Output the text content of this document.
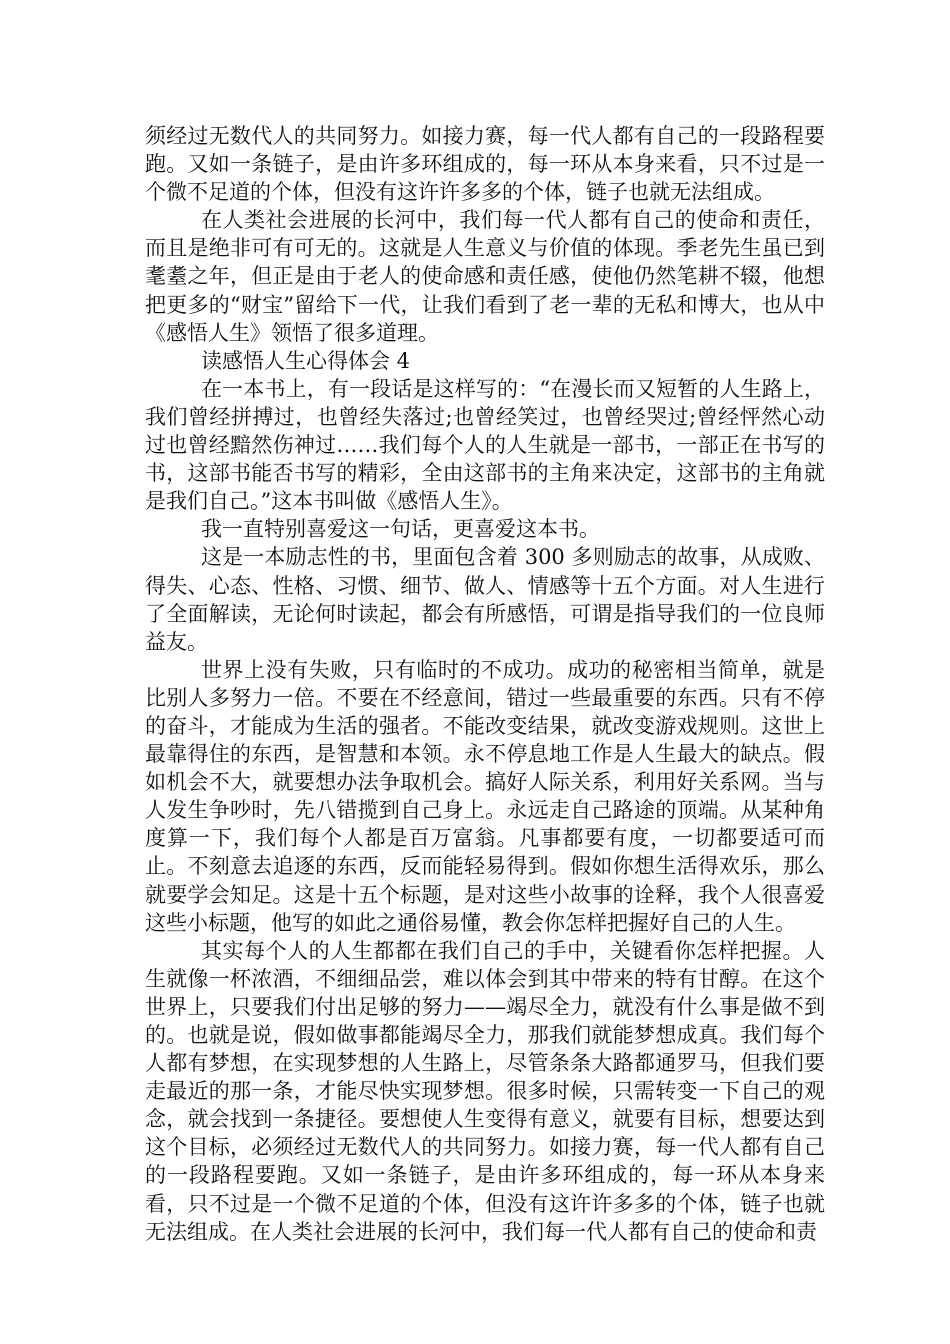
须经过无数代人的共同努力。如接力赛，每一代人都有自己的一段路程要跑。又如一条链子，是由许多环组成的，每一环从本身来看，只不过是一个微不足道的个体，但没有这许许多多的个体，链子也就无法组成。

在人类社会进展的长河中，我们每一代人都有自己的使命和责任，而且是绝非可有可无的。这就是人生意义与价值的体现。季老先生虽已到耄耋之年，但正是由于老人的使命感和责任感，使他仍然笔耕不辍，他想把更多的“财宝”留给下一代，让我们看到了老一辈的无私和博大，也从中《感悟人生》领悟了很多道理。

读感悟人生心得体会 4

在一本书上，有一段话是这样写的：“在漫长而又短暂的人生路上，我们曾经拼搏过，也曾经失落过;也曾经笑过，也曾经哭过;曾经怦然心动过也曾经黯然伤神过……我们每个人的人生就是一部书，一部正在书写的书，这部书能否书写的精彩，全由这部书的主角来决定，这部书的主角就是我们自己。”这本书叫做《感悟人生》。

我一直特别喜爱这一句话，更喜爱这本书。

这是一本励志性的书，里面包含着 300 多则励志的故事，从成败、得失、心态、性格、习惯、细节、做人、情感等十五个方面。对人生进行了全面解读，无论何时读起，都会有所感悟，可谓是指导我们的一位良师益友。

世界上没有失败，只有临时的不成功。成功的秘密相当简单，就是比别人多努力一倍。不要在不经意间，错过一些最重要的东西。只有不停的奋斗，才能成为生活的强者。不能改变结果，就改变游戏规则。这世上最靠得住的东西，是智慧和本领。永不停息地工作是人生最大的缺点。假如机会不大，就要想办法争取机会。搞好人际关系，利用好关系网。当与人发生争吵时，先八错揽到自己身上。永远走自己路途的顶端。从某种角度算一下，我们每个人都是百万富翁。凡事都要有度，一切都要适可而止。不刻意去追逐的东西，反而能轻易得到。假如你想生活得欢乐，那么就要学会知足。这是十五个标题，是对这些小故事的诠释，我个人很喜爱这些小标题，他写的如此之通俗易懂，教会你怎样把握好自己的人生。

其实每个人的人生都都在我们自己的手中，关键看你怎样把握。人生就像一杯浓酒，不细细品尝，难以体会到其中带来的特有甘醇。在这个世界上，只要我们付出足够的努力——竭尽全力，就没有什么事是做不到的。也就是说，假如做事都能竭尽全力，那我们就能梦想成真。我们每个人都有梦想，在实现梦想的人生路上，尽管条条大路都通罗马，但我们要走最近的那一条，才能尽快实现梦想。很多时候，只需转变一下自己的观念，就会找到一条捷径。要想使人生变得有意义，就要有目标，想要达到这个目标，必须经过无数代人的共同努力。如接力赛，每一代人都有自己的一段路程要跑。又如一条链子，是由许多环组成的，每一环从本身来看，只不过是一个微不足道的个体，但没有这许许多多的个体，链子也就无法组成。在人类社会进展的长河中，我们每一代人都有自己的使命和责
